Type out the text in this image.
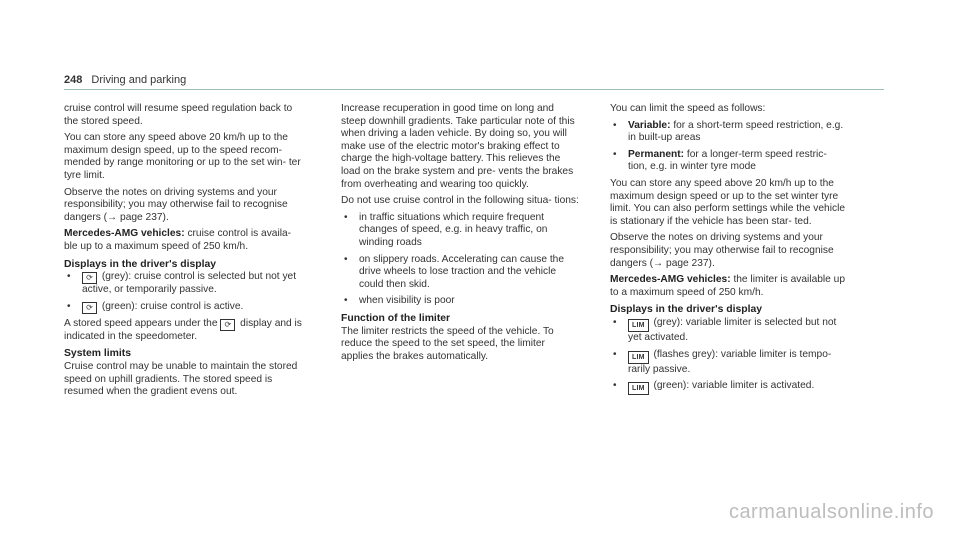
248 Driving and parking

cruise control will resume speed regulation back to the stored speed.

You can store any speed above 20 km/h up to the maximum design speed, up to the speed recom- mended by range monitoring or up to the set win- ter tyre limit.

Observe the notes on driving systems and your responsibility; you may otherwise fail to recognise dangers (→ page 237).

Mercedes-AMG vehicles: cruise control is availa- ble up to a maximum speed of 250 km/h.

Displays in the driver's display
• ⟳ (grey): cruise control is selected but not yet active, or temporarily passive.
• ⟳ (green): cruise control is active.

A stored speed appears under the ⟳ display and is indicated in the speedometer.

System limits

Cruise control may be unable to maintain the stored speed on uphill gradients. The stored speed is resumed when the gradient evens out.

Increase recuperation in good time on long and steep downhill gradients. Take particular note of this when driving a laden vehicle. By doing so, you will make use of the electric motor's braking effect to charge the high-voltage battery. This relieves the load on the brake system and pre- vents the brakes from overheating and wearing too quickly.

Do not use cruise control in the following situa- tions:

• in traffic situations which require frequent changes of speed, e.g. in heavy traffic, on winding roads
• on slippery roads. Accelerating can cause the drive wheels to lose traction and the vehicle could then skid.
• when visibility is poor
Function of the limiter

The limiter restricts the speed of the vehicle. To reduce the speed to the set speed, the limiter applies the brakes automatically.

You can limit the speed as follows:

• Variable: for a short-term speed restriction, e.g. in built-up areas
• Permanent: for a longer-term speed restric- tion, e.g. in winter tyre mode

You can store any speed above 20 km/h up to the maximum design speed or up to the set winter tyre limit. You can also perform settings while the vehicle is stationary if the vehicle has been star- ted.

Observe the notes on driving systems and your responsibility; you may otherwise fail to recognise dangers (→ page 237).

Mercedes-AMG vehicles: the limiter is available up to a maximum speed of 250 km/h.

Displays in the driver's display
• LIM (grey): variable limiter is selected but not yet activated.
• LIM (flashes grey): variable limiter is tempo- rarily passive.
• LIM (green): variable limiter is activated.
carmanualsonline.info
